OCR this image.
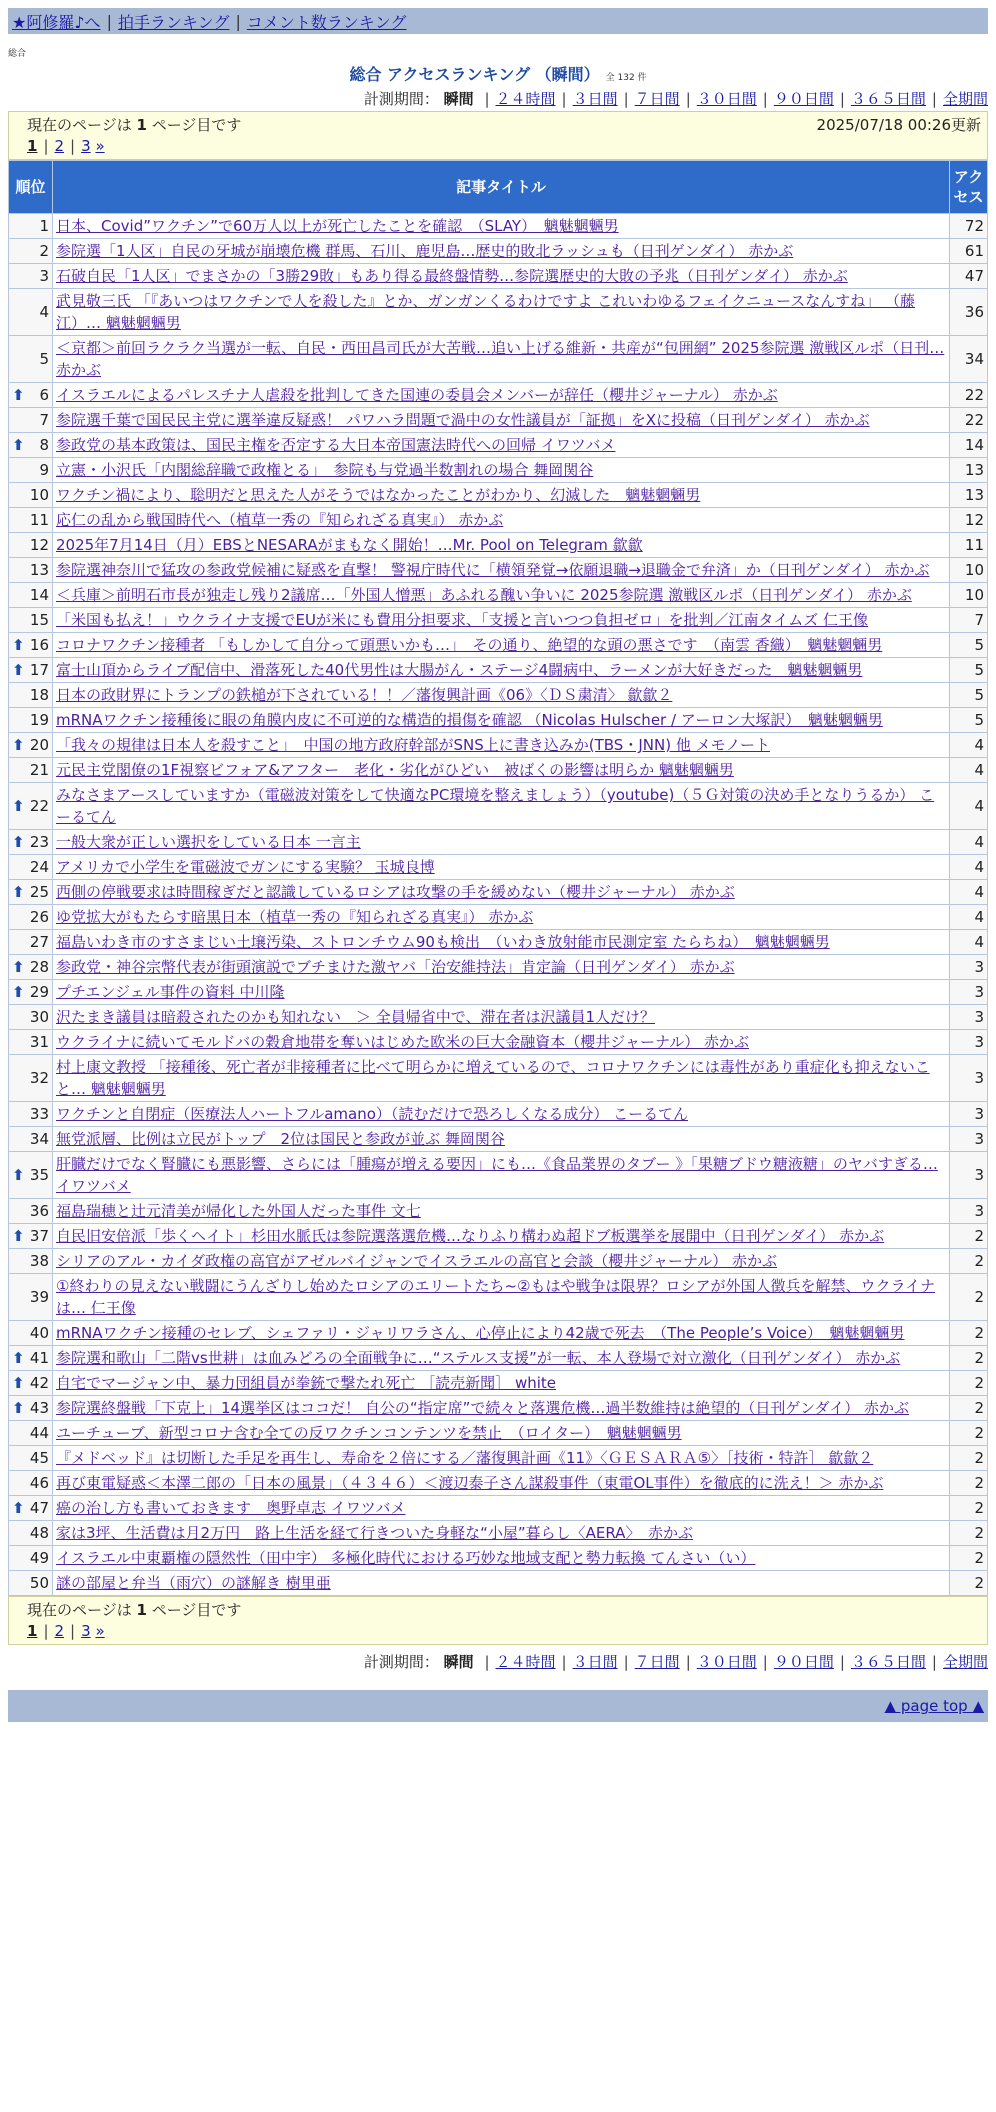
★阿修羅♪へ | 拍手ランキング | コメント数ランキング
総合
総合 アクセスランキング （瞬間） 全 132 件
計測期間： 瞬間 | ２４時間 | ３日間 | ７日間 | ３０日間 | ９０日間 | ３６５日間 | 全期間
現在のページは 1 ページ目です	2025/07/18 00:26更新
1 | 2 | 3 »
順位	記事タイトル	アクセス
1	日本、Covid”ワクチン”で60万人以上が死亡したことを確認　（SLAY）　魑魅魍魎男	72
2	参院選「1人区」自民の牙城が崩壊危機 群馬、石川、鹿児島…歴史的敗北ラッシュも（日刊ゲンダイ） 赤かぶ	61
3	石破自民「1人区」でまさかの「3勝29敗」もあり得る最終盤情勢…参院選歴史的大敗の予兆（日刊ゲンダイ） 赤かぶ	47
4	武見敬三氏 「『あいつはワクチンで人を殺した』とか、ガンガンくるわけですよ これいわゆるフェイクニュースなんすね」 （藤江）… 魑魅魍魎男	36
5	＜京都＞前回ラクラク当選が一転、自民・西田昌司氏が大苦戦…追い上げる維新・共産が“包囲網” 2025参院選 激戦区ルポ（日刊… 赤かぶ	34

⬆ 6	イスラエルによるパレスチナ人虐殺を批判してきた国連の委員会メンバーが辞任（櫻井ジャーナル） 赤かぶ	22
7	参院選千葉で国民民主党に選挙違反疑惑！ パワハラ問題で渦中の女性議員が「証拠」をXに投稿（日刊ゲンダイ） 赤かぶ	22

⬆ 8	参政党の基本政策は、国民主権を否定する大日本帝国憲法時代への回帰 イワツバメ	14
9	立憲・小沢氏「内閣総辞職で政権とる」　参院も与党過半数割れの場合 舞岡関谷	13
10	ワクチン禍により、聡明だと思えた人がそうではなかったことがわかり、幻滅した　魑魅魍魎男	13
11	応仁の乱から戦国時代へ（植草一秀の『知られざる真実』） 赤かぶ	12
12	2025年7月14日（月）EBSとNESARAがまもなく開始！…Mr. Pool on Telegram 歙歙	11
13	参院選神奈川で猛攻の参政党候補に疑惑を直撃！ 警視庁時代に「横領発覚→依願退職→退職金で弁済」か（日刊ゲンダイ） 赤かぶ	10
14	＜兵庫＞前明石市長が独走し残り2議席…「外国人憎悪」あふれる醜い争いに 2025参院選 激戦区ルポ（日刊ゲンダイ） 赤かぶ	10
15	「米国も払え！」ウクライナ支援でEUが米にも費用分担要求、「支援と言いつつ負担ゼロ」を批判／江南タイムズ 仁王像	7

⬆ 16	コロナワクチン接種者 「もしかして自分って頭悪いかも…」　その通り、絶望的な頭の悪さです　（南雲 香織）　魑魅魍魎男	5

⬆ 17	富士山頂からライブ配信中、滑落死した40代男性は大腸がん・ステージ4闘病中、ラーメンが大好きだった　魑魅魍魎男	5
18	日本の政財界にトランプの鉄槌が下されている！！／藩復興計画《06》〈ＤＳ粛清〉 歙歙２	5
19	mRNAワクチン接種後に眼の角膜内皮に不可逆的な構造的損傷を確認 （Nicolas Hulscher / アーロン大塚訳）　魑魅魍魎男	5

⬆ 20	「我々の規律は日本人を殺すこと」　中国の地方政府幹部がSNS上に書き込みか(TBS・JNN) 他 メモノート	4
21	元民主党閣僚の1F視察ビフォア&アフター　老化・劣化がひどい　被ばくの影響は明らか 魑魅魍魎男	4

⬆ 22	みなさまアースしていますか（電磁波対策をして快適なPC環境を整えましょう）（youtube)（５Ｇ対策の決め手となりうるか） こーるてん	4

⬆ 23	一般大衆が正しい選択をしている日本 一言主	4
24	アメリカで小学生を電磁波でガンにする実験？ 玉城良博	4

⬆ 25	西側の停戦要求は時間稼ぎだと認識しているロシアは攻撃の手を緩めない（櫻井ジャーナル） 赤かぶ	4
26	ゆ党拡大がもたらす暗黒日本（植草一秀の『知られざる真実』） 赤かぶ	4
27	福島いわき市のすさまじい土壌汚染、ストロンチウム90も検出　（いわき放射能市民測定室 たらちね）　魑魅魍魎男	4

⬆ 28	参政党・神谷宗幣代表が街頭演説でブチまけた激ヤバ「治安維持法」肯定論（日刊ゲンダイ） 赤かぶ	3

⬆ 29	プチエンジェル事件の資料 中川隆	3
30	沢たまき議員は暗殺されたのかも知れない　＞ 全員帰省中で、滞在者は沢議員1人だけ？	3
31	ウクライナに続いてモルドバの穀倉地帯を奪いはじめた欧米の巨大金融資本（櫻井ジャーナル） 赤かぶ	3
32	村上康文教授 「接種後、死亡者が非接種者に比べて明らかに増えているので、コロナワクチンには毒性があり重症化も抑えないこと… 魑魅魍魎男	3
33	ワクチンと自閉症（医療法人ハートフルamano）（読むだけで恐ろしくなる成分） こーるてん	3
34	無党派層、比例は立民がトップ　2位は国民と参政が並ぶ 舞岡関谷	3

⬆ 35	肝臓だけでなく腎臓にも悪影響、さらには「腫瘍が増える要因」にも…《食品業界のタブー 》「果糖ブドウ糖液糖」のヤバすぎる… イワツバメ	3
36	福島瑞穂と辻元清美が帰化した外国人だった事件 文七	3

⬆ 37	自民旧安倍派「歩くヘイト」杉田水脈氏は参院選落選危機…なりふり構わぬ超ドブ板選挙を展開中（日刊ゲンダイ） 赤かぶ	2
38	シリアのアル・カイダ政権の高官がアゼルバイジャンでイスラエルの高官と会談（櫻井ジャーナル） 赤かぶ	2
39	①終わりの見えない戦闘にうんざりし始めたロシアのエリートたち~②もはや戦争は限界？ロシアが外国人徴兵を解禁、ウクライナは… 仁王像	2
40	mRNAワクチン接種のセレブ、シェファリ・ジャリワラさん、心停止により42歳で死去　（The People’s Voice）　魑魅魍魎男	2

⬆ 41	参院選和歌山「二階vs世耕」は血みどろの全面戦争に…“ステルス支援”が一転、本人登場で対立激化（日刊ゲンダイ） 赤かぶ	2

⬆ 42	自宅でマージャン中、暴力団組員が拳銃で撃たれ死亡 ［読売新聞］ white	2

⬆ 43	参院選終盤戦「下克上」14選挙区はココだ！ 自公の“指定席”で続々と落選危機…過半数維持は絶望的（日刊ゲンダイ） 赤かぶ	2
44	ユーチューブ、新型コロナ含む全ての反ワクチンコンテンツを禁止　（ロイター）　魑魅魍魎男	2
45	『メドベッド』は切断した手足を再生し、寿命を２倍にする／藩復興計画《11》〈ＧＥＳＡＲＡ⑤〉［技術・特許］ 歙歙２	2
46	再び東電疑惑＜本澤二郎の「日本の風景」（４３４６）＜渡辺泰子さん謀殺事件（東電OL事件）を徹底的に洗え！＞ 赤かぶ	2

⬆ 47	癌の治し方も書いておきます　奥野卓志 イワツバメ	2
48	家は3坪、生活費は月2万円　路上生活を経て行きついた身軽な“小屋”暮らし〈AERA〉　赤かぶ	2
49	イスラエル中東覇権の隠然性（田中宇） 多極化時代における巧妙な地域支配と勢力転換 てんさい（い）	2
50	謎の部屋と弁当（雨穴）の謎解き 樹里亜	2
現在のページは 1 ページ目です
1 | 2 | 3 »
計測期間： 瞬間 | ２４時間 | ３日間 | ７日間 | ３０日間 | ９０日間 | ３６５日間 | 全期間
▲ page top ▲
